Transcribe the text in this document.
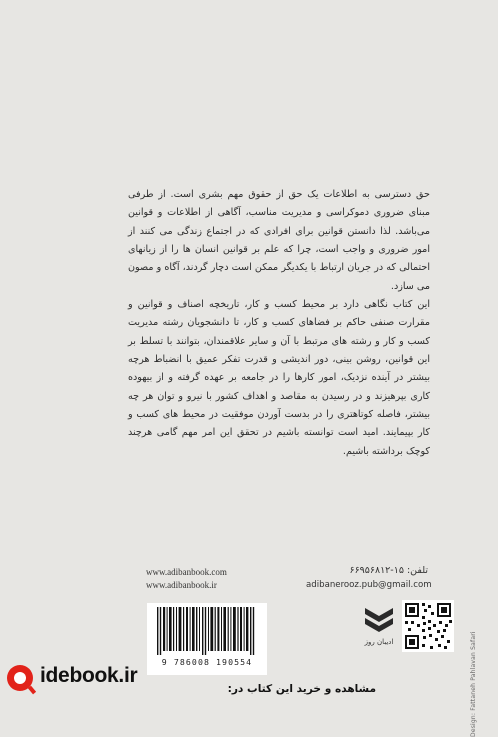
حق دسترسی به اطلاعات یک حق از حقوق مهم بشری است. از طرفی مبنای ضروری دموکراسی و مدیریت مناسب، آگاهی از اطلاعات و قوانین می‌باشد. لذا دانستن قوانین برای افرادی که در اجتماع زندگی می کنند از امور ضروری و واجب است، چرا که علم بر قوانین انسان ها را از زیانهای احتمالی که در جریان ارتباط با یکدیگر ممکن است دچار گردند، آگاه و مصون می سازد.

این کتاب نگاهی دارد بر محیط کسب و کار، تاریخچه اصناف و قوانین و مقرارت صنفی حاکم بر فضاهای کسب و کار، تا دانشجویان رشته مدیریت کسب و کار و رشته های مرتبط با آن و سایر علاقمندان، بتوانند با تسلط بر این قوانین، روشن بینی، دور اندیشی و قدرت تفکر عمیق با انضباط هرچه بیشتر در آینده نزدیک، امور کارها را در جامعه بر عهده گرفته و از بیهوده کاری بپرهیزند و در رسیدن به مقاصد و اهداف کشور با نیرو و توان هر چه بیشتر، فاصله کوتاهتری را در بدست آوردن موفقیت در محیط های کسب و کار بپیمایند. امید است توانسته باشیم در تحقق این امر مهم گامی هرچند کوچک برداشته باشیم.

Design: Fattaneh Pahlavan Safari
تلفن: ۱۵-۶۶۹۵۶۸۱۲
adibanerooz.pub@gmail.com
www.adibanbook.com
www.adibanbook.ir
9 786008 190554
ادیبان روز
idebook.ir
مشاهده و خرید این کتاب در:
